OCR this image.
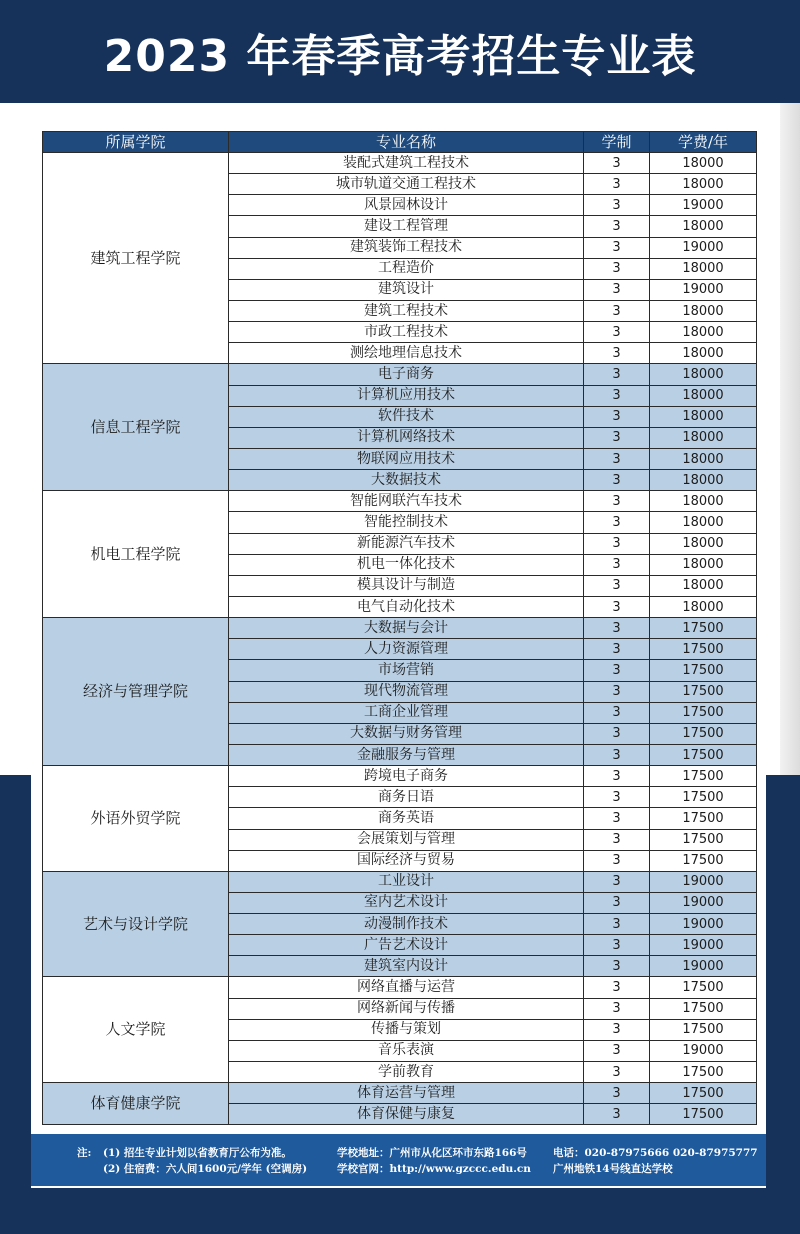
2023 年春季高考招生专业表
所属学院	专业名称	学制	学费/年
建筑工程学院	装配式建筑工程技术	3	18000
	城市轨道交通工程技术	3	18000
	风景园林设计	3	19000
	建设工程管理	3	18000
	建筑装饰工程技术	3	19000
	工程造价	3	18000
	建筑设计	3	19000
	建筑工程技术	3	18000
	市政工程技术	3	18000
	测绘地理信息技术	3	18000
信息工程学院	电子商务	3	18000
	计算机应用技术	3	18000
	软件技术	3	18000
	计算机网络技术	3	18000
	物联网应用技术	3	18000
	大数据技术	3	18000
机电工程学院	智能网联汽车技术	3	18000
	智能控制技术	3	18000
	新能源汽车技术	3	18000
	机电一体化技术	3	18000
	模具设计与制造	3	18000
	电气自动化技术	3	18000
经济与管理学院	大数据与会计	3	17500
	人力资源管理	3	17500
	市场营销	3	17500
	现代物流管理	3	17500
	工商企业管理	3	17500
	大数据与财务管理	3	17500
	金融服务与管理	3	17500
外语外贸学院	跨境电子商务	3	17500
	商务日语	3	17500
	商务英语	3	17500
	会展策划与管理	3	17500
	国际经济与贸易	3	17500
艺术与设计学院	工业设计	3	19000
	室内艺术设计	3	19000
	动漫制作技术	3	19000
	广告艺术设计	3	19000
	建筑室内设计	3	19000
人文学院	网络直播与运营	3	17500
	网络新闻与传播	3	17500
	传播与策划	3	17500
	音乐表演	3	19000
	学前教育	3	17500
体育健康学院	体育运营与管理	3	17500
	体育保健与康复	3	17500
注: (1) 招生专业计划以省教育厅公布为准。
(2) 住宿费：六人间1600元/学年 (空调房)
学校地址：广州市从化区环市东路166号
学校官网：http://www.gzccc.edu.cn
电话：020-87975666 020-87975777
广州地铁14号线直达学校
